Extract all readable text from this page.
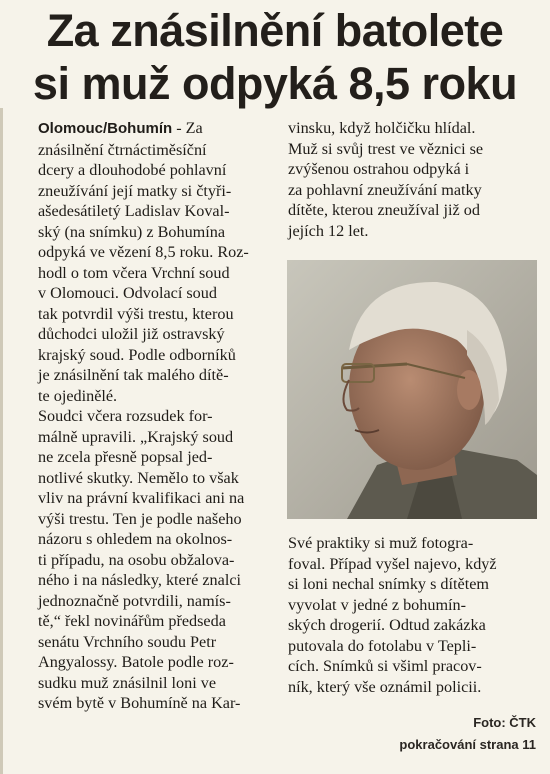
Za znásilnění batolete
si muž odpyká 8,5 roku
Olomouc/Bohumín - Za
znásilnění čtrnáctiměsíční
dcery a dlouhodobé pohlavní
zneužívání její matky si čtyři-
ašedesátiletý Ladislav Koval-
ský (na snímku) z Bohumína
odpyká ve vězení 8,5 roku. Roz-
hodl o tom včera Vrchní soud
v Olomouci. Odvolací soud
tak potvrdil výši trestu, kterou
důchodci uložil již ostravský
krajský soud. Podle odborníků
je znásilnění tak malého dítě-
te ojedinělé.
Soudci včera rozsudek for-
málně upravili. „Krajský soud
ne zcela přesně popsal jed-
notlivé skutky. Nemělo to však
vliv na právní kvalifikaci ani na
výši trestu. Ten je podle našeho
názoru s ohledem na okolnos-
ti případu, na osobu obžalova-
ného i na následky, které znalci
jednoznačně potvrdili, namís-
tě,“ řekl novinářům předseda
senátu Vrchního soudu Petr
Angyalossy. Batole podle roz-
sudku muž znásilnil loni ve
svém bytě v Bohumíně na Kar-
vinsku, když holčičku hlídal.
Muž si svůj trest ve věznici se
zvýšenou ostrahou odpyká i
za pohlavní zneužívání matky
dítěte, kterou zneužíval již od
jejích 12 let.
Své praktiky si muž fotogra-
foval. Případ vyšel najevo, když
si loni nechal snímky s dítětem
vyvolat v jedné z bohumín-
ských drogerií. Odtud zakázka
putovala do fotolabu v Tepli-
cích. Snímků si všiml pracov-
ník, který vše oznámil policii.
Foto: ČTK
pokračování strana 11
